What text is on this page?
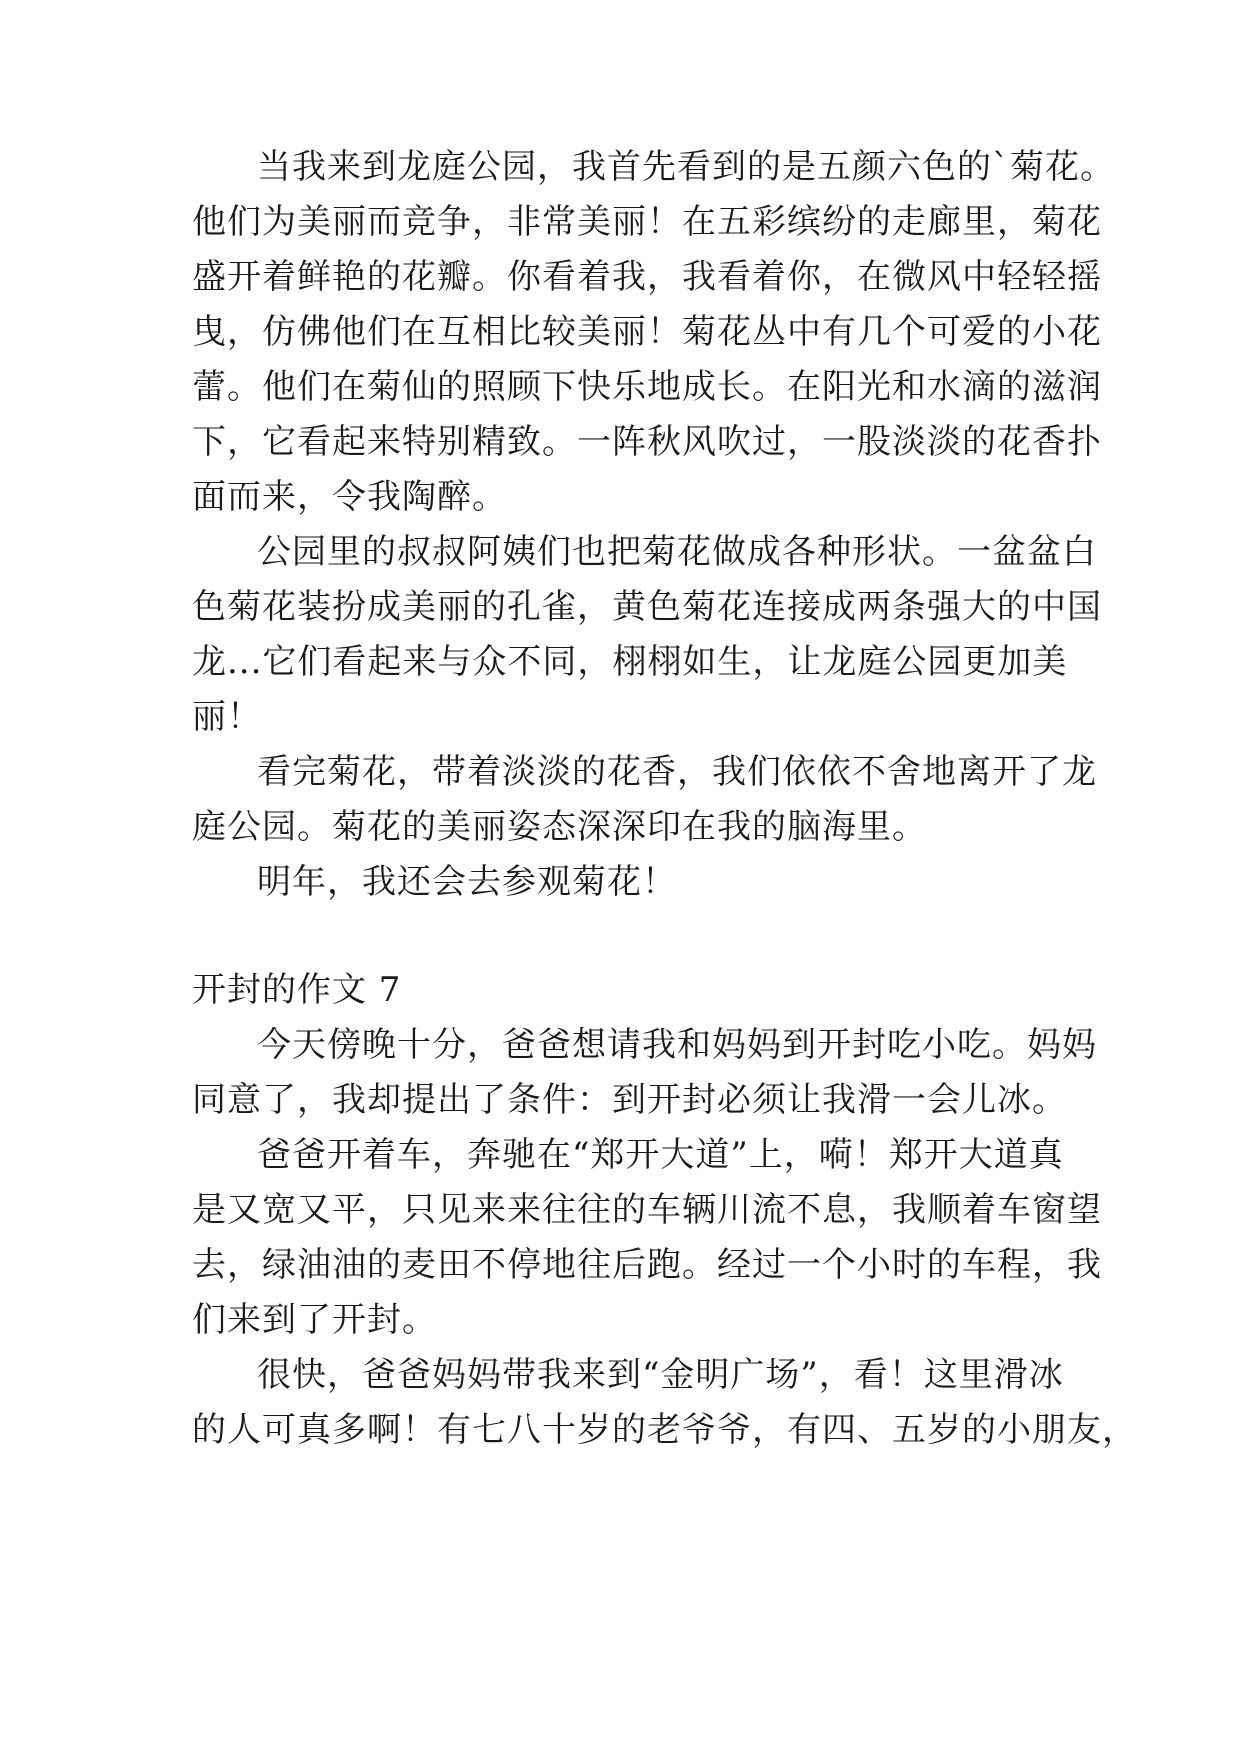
当我来到龙庭公园，我首先看到的是五颜六色的`菊花。
他们为美丽而竞争，非常美丽！在五彩缤纷的走廊里，菊花
盛开着鲜艳的花瓣。你看着我，我看着你，在微风中轻轻摇
曳，仿佛他们在互相比较美丽！菊花丛中有几个可爱的小花
蕾。他们在菊仙的照顾下快乐地成长。在阳光和水滴的滋润
下，它看起来特别精致。一阵秋风吹过，一股淡淡的花香扑
面而来，令我陶醉。
公园里的叔叔阿姨们也把菊花做成各种形状。一盆盆白
色菊花装扮成美丽的孔雀，黄色菊花连接成两条强大的中国
龙...它们看起来与众不同，栩栩如生，让龙庭公园更加美
丽！
看完菊花，带着淡淡的花香，我们依依不舍地离开了龙
庭公园。菊花的美丽姿态深深印在我的脑海里。
明年，我还会去参观菊花！
开封的作文 7
今天傍晚十分，爸爸想请我和妈妈到开封吃小吃。妈妈
同意了，我却提出了条件：到开封必须让我滑一会儿冰。
爸爸开着车，奔驰在“郑开大道”上，嗬！郑开大道真
是又宽又平，只见来来往往的车辆川流不息，我顺着车窗望
去，绿油油的麦田不停地往后跑。经过一个小时的车程，我
们来到了开封。
很快，爸爸妈妈带我来到“金明广场”，看！这里滑冰
的人可真多啊！有七八十岁的老爷爷，有四、五岁的小朋友，
